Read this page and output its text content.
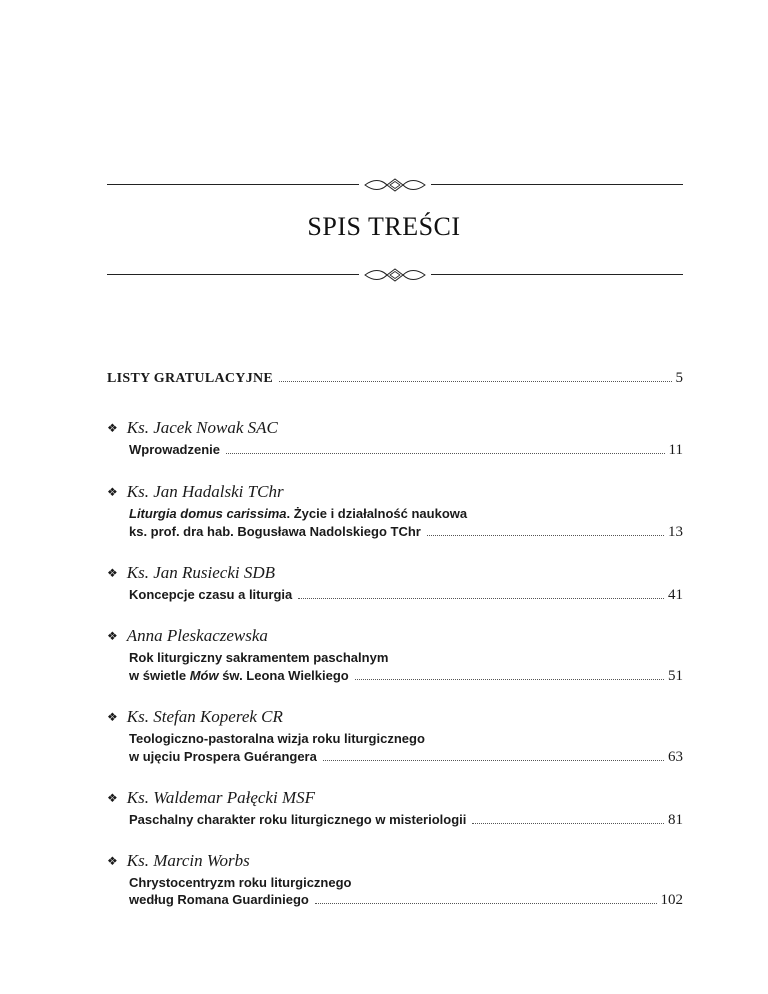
SPIS TREŚCI
LISTY GRATULACYJNE	5
❖ Ks. Jacek Nowak SAC
Wprowadzenie	11
❖ Ks. Jan Hadalski TChr
Liturgia domus carissima. Życie i działalność naukowa
ks. prof. dra hab. Bogusława Nadolskiego TChr	13
❖ Ks. Jan Rusiecki SDB
Koncepcje czasu a liturgia	41
❖ Anna Pleskaczewska
Rok liturgiczny sakramentem paschalnym
w świetle Mów św. Leona Wielkiego	51
❖ Ks. Stefan Koperek CR
Teologiczno-pastoralna wizja roku liturgicznego
w ujęciu Prospera Guérangera	63
❖ Ks. Waldemar Pałęcki MSF
Paschalny charakter roku liturgicznego w misteriologii	81
❖ Ks. Marcin Worbs
Chrystocentryzm roku liturgicznego
według Romana Guardiniego	102
